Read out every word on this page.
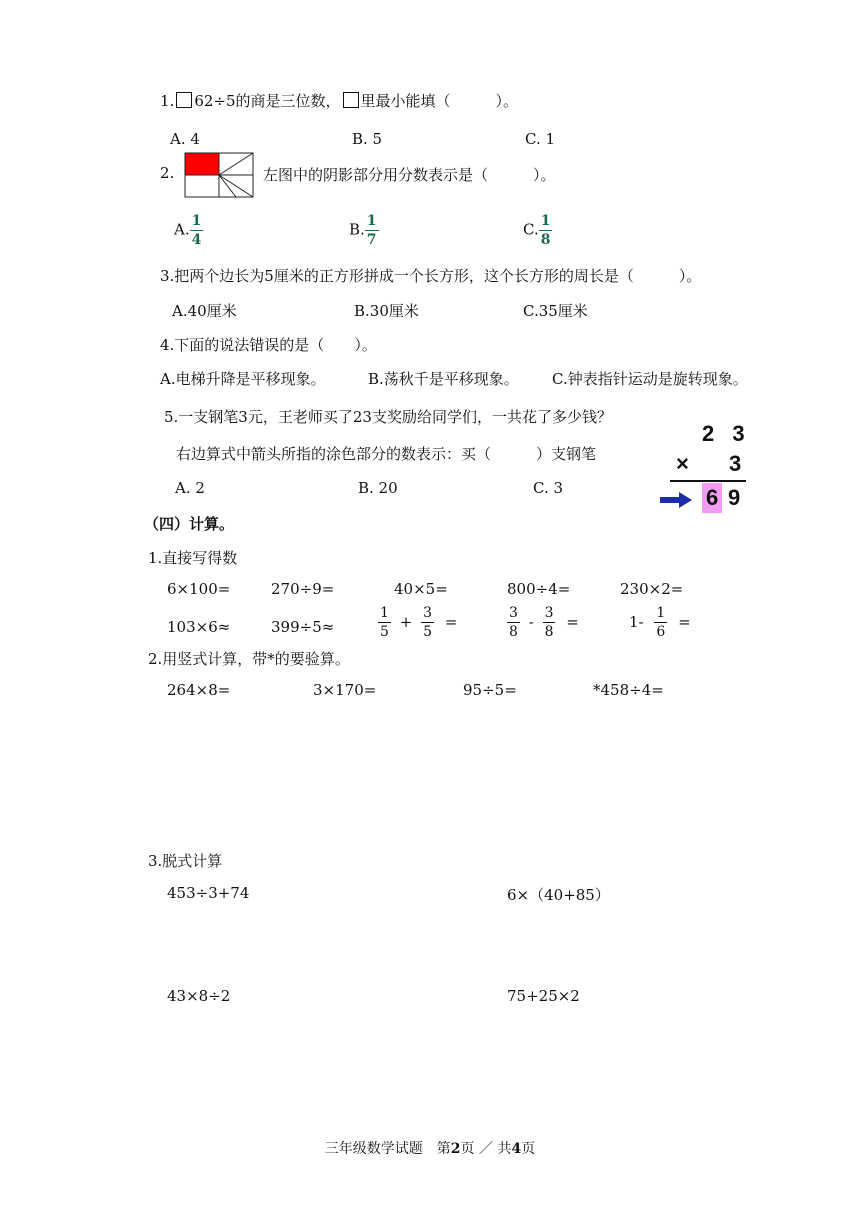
1. 62÷5的商是三位数， 里最小能填（　　　）。
A. 4	B. 5	C. 1
2.	左图中的阴影部分用分数表示是（　　　）。
A. $\frac{1}{4}$	B. $\frac{1}{7}$	C. $\frac{1}{8}$
3.把两个边长为5厘米的正方形拼成一个长方形，这个长方形的周长是（　　　）。
A.40厘米	B.30厘米	C.35厘米
4.下面的说法错误的是（　　）。
A.电梯升降是平移现象。	B.荡秋千是平移现象。 C.钟表指针运动是旋转现象。
5.一支钢笔3元，王老师买了23支奖励给同学们，一共花了多少钱？
右边算式中箭头所指的涂色部分的数表示：买（　　　）支钢笔
A. 2	B. 20	C. 3
2 3
× 3
6 9
（四）计算。
1.直接写得数
6×100=	270÷9=	40×5=	800÷4=	230×2=
103×6≈	399÷5≈	$\frac{1}{5} + \frac{3}{5}$ =	$\frac{3}{8} - \frac{3}{8}$ =	$1- \frac{1}{6}$ =
2.用竖式计算，带*的要验算。
264×8=	3×170=	95÷5=	*458÷4=
3.脱式计算
453÷3+74	6×（40+85）
43×8÷2	75+25×2
三年级数学试题　第2页 ／ 共4页
